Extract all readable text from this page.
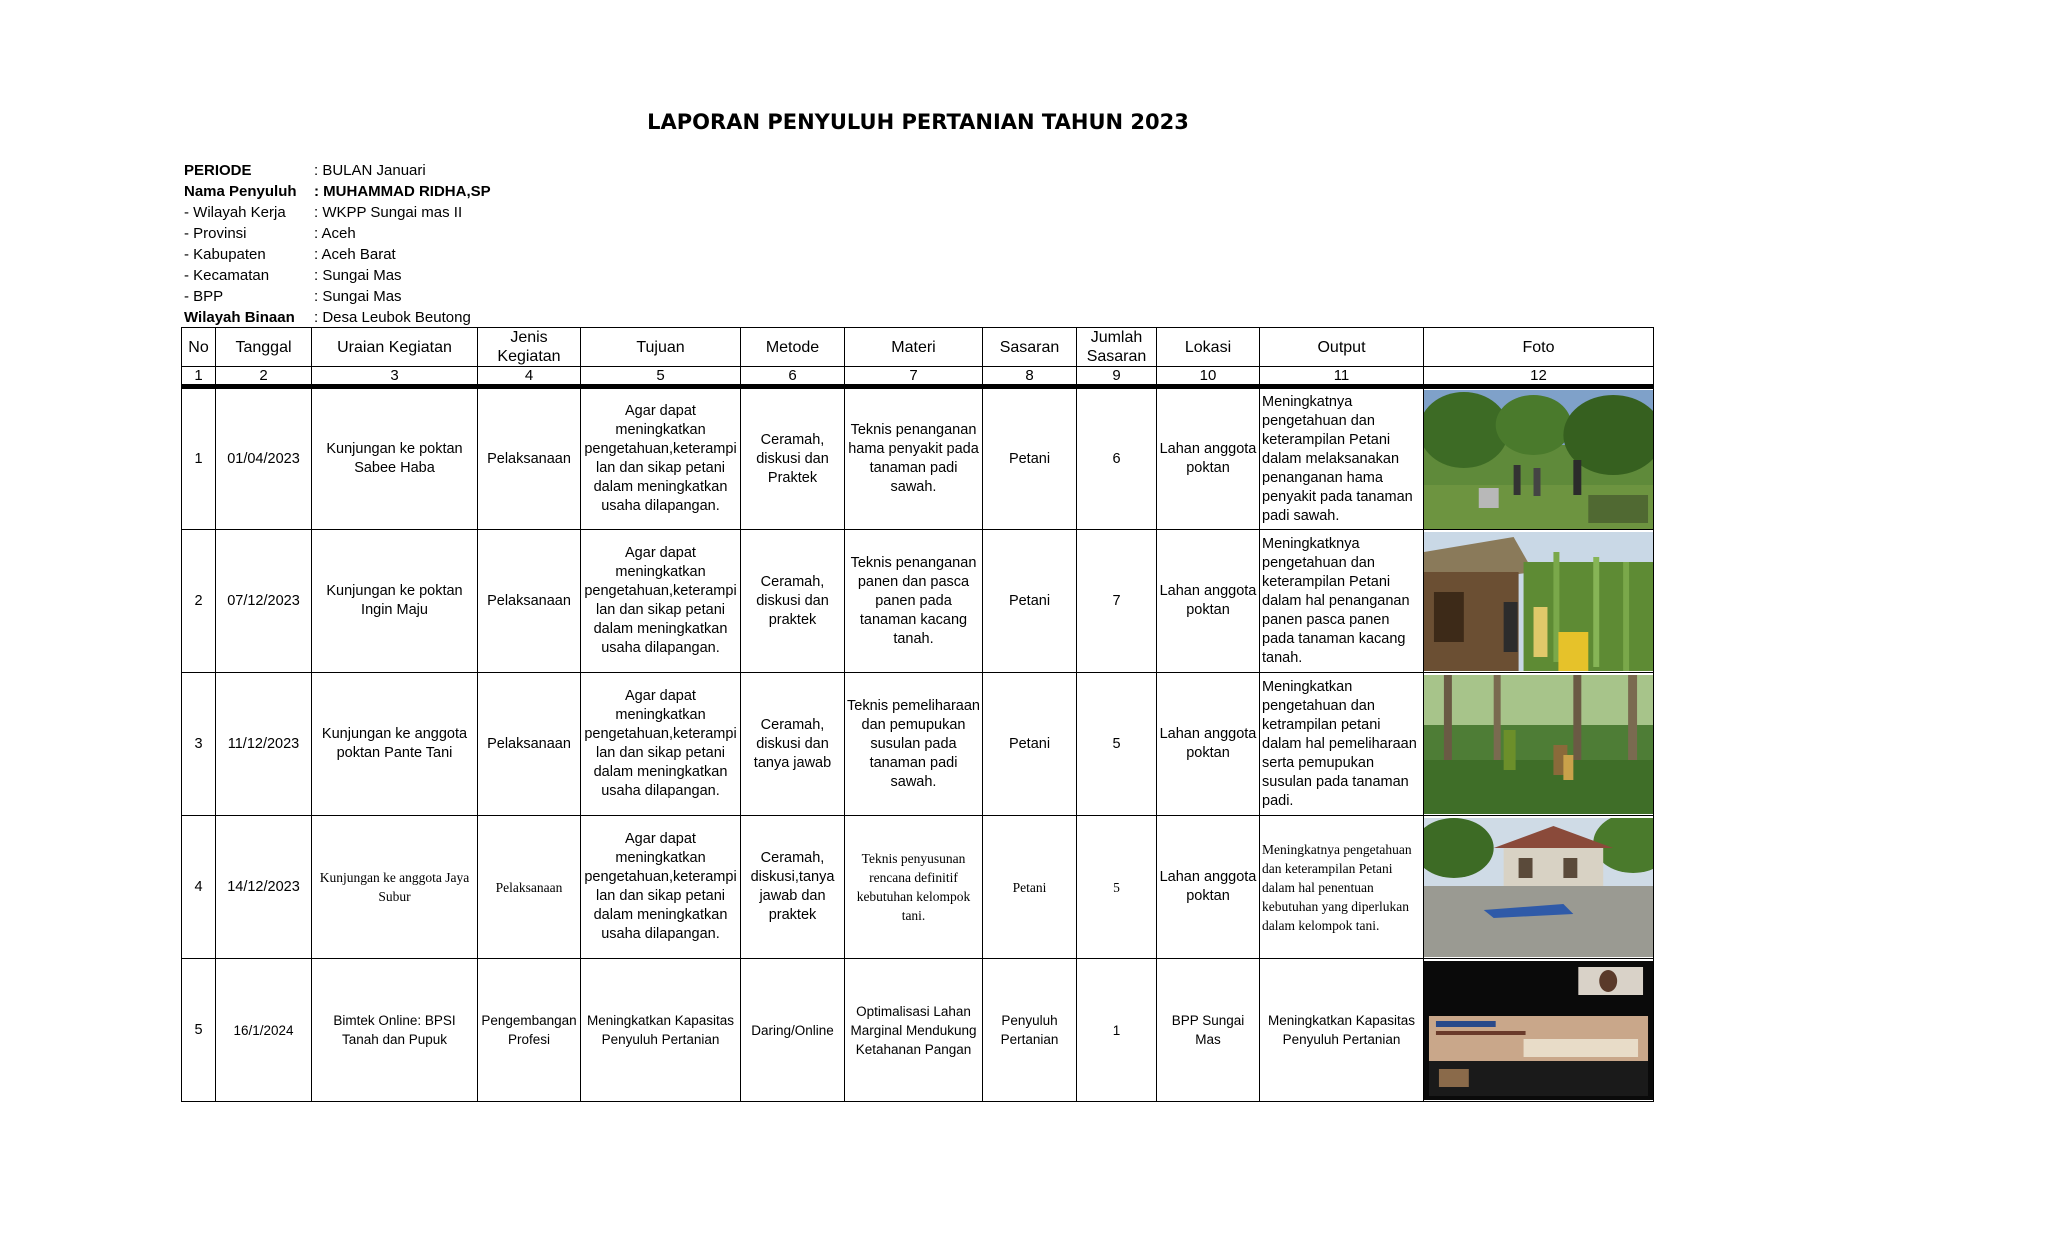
LAPORAN PENYULUH PERTANIAN TAHUN 2023
PERIODE	: BULAN Januari
Nama Penyuluh	: MUHAMMAD RIDHA,SP
- Wilayah Kerja	: WKPP Sungai mas II
- Provinsi	: Aceh
- Kabupaten	: Aceh Barat
- Kecamatan	: Sungai Mas
- BPP	: Sungai Mas
Wilayah Binaan	: Desa Leubok Beutong
No	Tanggal	Uraian Kegiatan	Jenis Kegiatan	Tujuan	Metode	Materi	Sasaran	Jumlah Sasaran	Lokasi	Output	Foto
1	2	3	4	5	6	7	8	9	10	11	12
1	01/04/2023	Kunjungan ke poktan Sabee Haba	Pelaksanaan	Agar dapat meningkatkan pengetahuan,keterampi lan dan sikap petani dalam meningkatkan usaha dilapangan.	Ceramah, diskusi dan Praktek	Teknis penanganan hama penyakit pada tanaman padi sawah.	Petani	6	Lahan anggota poktan	Meningkatnya pengetahuan dan keterampilan Petani dalam melaksanakan penanganan hama penyakit pada tanaman padi sawah.	

2	07/12/2023	Kunjungan ke poktan Ingin Maju	Pelaksanaan	Agar dapat meningkatkan pengetahuan,keterampi lan dan sikap petani dalam meningkatkan usaha dilapangan.	Ceramah, diskusi dan praktek	Teknis penanganan panen dan pasca panen pada tanaman kacang tanah.	Petani	7	Lahan anggota poktan	Meningkatknya pengetahuan dan keterampilan Petani dalam hal penanganan panen pasca panen pada tanaman kacang tanah.	

3	11/12/2023	Kunjungan ke anggota poktan Pante Tani	Pelaksanaan	Agar dapat meningkatkan pengetahuan,keterampi lan dan sikap petani dalam meningkatkan usaha dilapangan.	Ceramah, diskusi dan tanya jawab	Teknis pemeliharaan dan pemupukan susulan pada tanaman padi sawah.	Petani	5	Lahan anggota poktan	Meningkatkan pengetahuan dan ketrampilan petani dalam hal pemeliharaan serta pemupukan susulan pada tanaman padi.	

4	14/12/2023	Kunjungan ke anggota Jaya Subur	Pelaksanaan	Agar dapat meningkatkan pengetahuan,keterampi lan dan sikap petani dalam meningkatkan usaha dilapangan.	Ceramah, diskusi,tanya jawab dan praktek	Teknis penyusunan rencana definitif kebutuhan kelompok tani.	Petani	5	Lahan anggota poktan	Meningkatnya pengetahuan dan keterampilan Petani dalam hal penentuan kebutuhan yang diperlukan dalam kelompok tani.	

5	16/1/2024	Bimtek Online: BPSI Tanah dan Pupuk	Pengembangan Profesi	Meningkatkan Kapasitas Penyuluh Pertanian	Daring/Online	Optimalisasi Lahan Marginal Mendukung Ketahanan Pangan	Penyuluh Pertanian	1	BPP Sungai Mas	Meningkatkan Kapasitas Penyuluh Pertanian	
